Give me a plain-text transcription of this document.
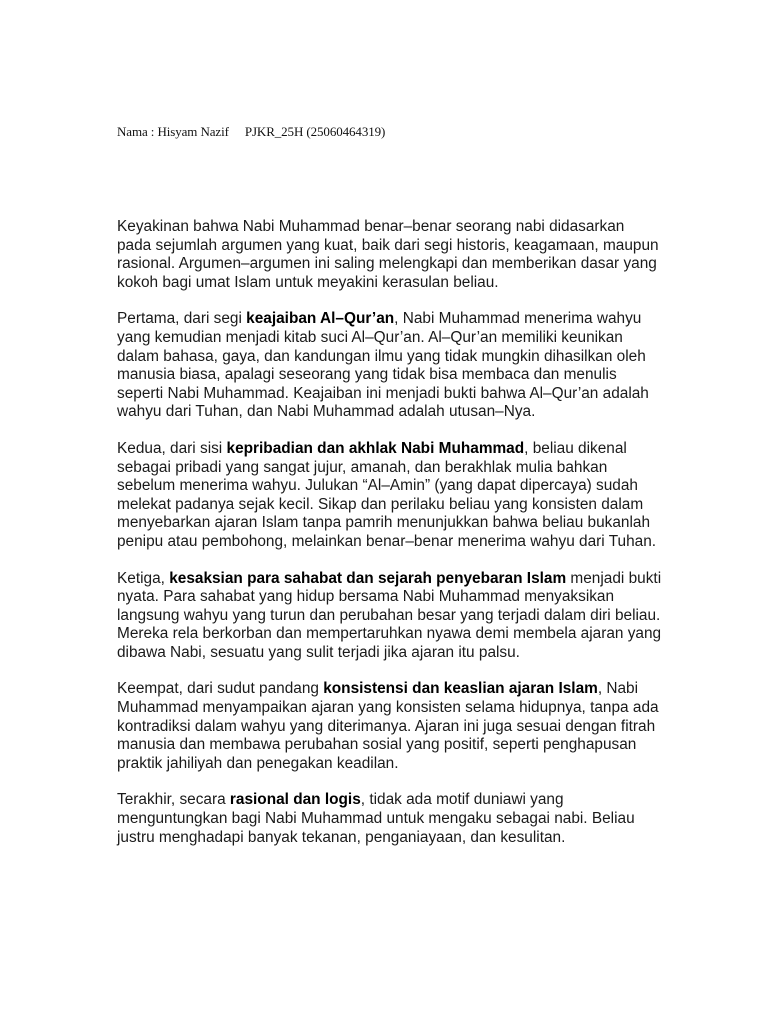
Nama : Hisyam Nazif PJKR_25H (25060464319)

Keyakinan bahwa Nabi Muhammad benar–benar seorang nabi didasarkan pada sejumlah argumen yang kuat, baik dari segi historis, keagamaan, maupun rasional. Argumen–argumen ini saling melengkapi dan memberikan dasar yang kokoh bagi umat Islam untuk meyakini kerasulan beliau.

Pertama, dari segi keajaiban Al–Qur’an, Nabi Muhammad menerima wahyu yang kemudian menjadi kitab suci Al–Qur’an. Al–Qur’an memiliki keunikan dalam bahasa, gaya, dan kandungan ilmu yang tidak mungkin dihasilkan oleh manusia biasa, apalagi seseorang yang tidak bisa membaca dan menulis seperti Nabi Muhammad. Keajaiban ini menjadi bukti bahwa Al–Qur’an adalah wahyu dari Tuhan, dan Nabi Muhammad adalah utusan–Nya.

Kedua, dari sisi kepribadian dan akhlak Nabi Muhammad, beliau dikenal sebagai pribadi yang sangat jujur, amanah, dan berakhlak mulia bahkan sebelum menerima wahyu. Julukan “Al–Amin” (yang dapat dipercaya) sudah melekat padanya sejak kecil. Sikap dan perilaku beliau yang konsisten dalam menyebarkan ajaran Islam tanpa pamrih menunjukkan bahwa beliau bukanlah penipu atau pembohong, melainkan benar–benar menerima wahyu dari Tuhan.

Ketiga, kesaksian para sahabat dan sejarah penyebaran Islam menjadi bukti nyata. Para sahabat yang hidup bersama Nabi Muhammad menyaksikan langsung wahyu yang turun dan perubahan besar yang terjadi dalam diri beliau. Mereka rela berkorban dan mempertaruhkan nyawa demi membela ajaran yang dibawa Nabi, sesuatu yang sulit terjadi jika ajaran itu palsu.

Keempat, dari sudut pandang konsistensi dan keaslian ajaran Islam, Nabi Muhammad menyampaikan ajaran yang konsisten selama hidupnya, tanpa ada kontradiksi dalam wahyu yang diterimanya. Ajaran ini juga sesuai dengan fitrah manusia dan membawa perubahan sosial yang positif, seperti penghapusan praktik jahiliyah dan penegakan keadilan.

Terakhir, secara rasional dan logis, tidak ada motif duniawi yang menguntungkan bagi Nabi Muhammad untuk mengaku sebagai nabi. Beliau justru menghadapi banyak tekanan, penganiayaan, dan kesulitan.
